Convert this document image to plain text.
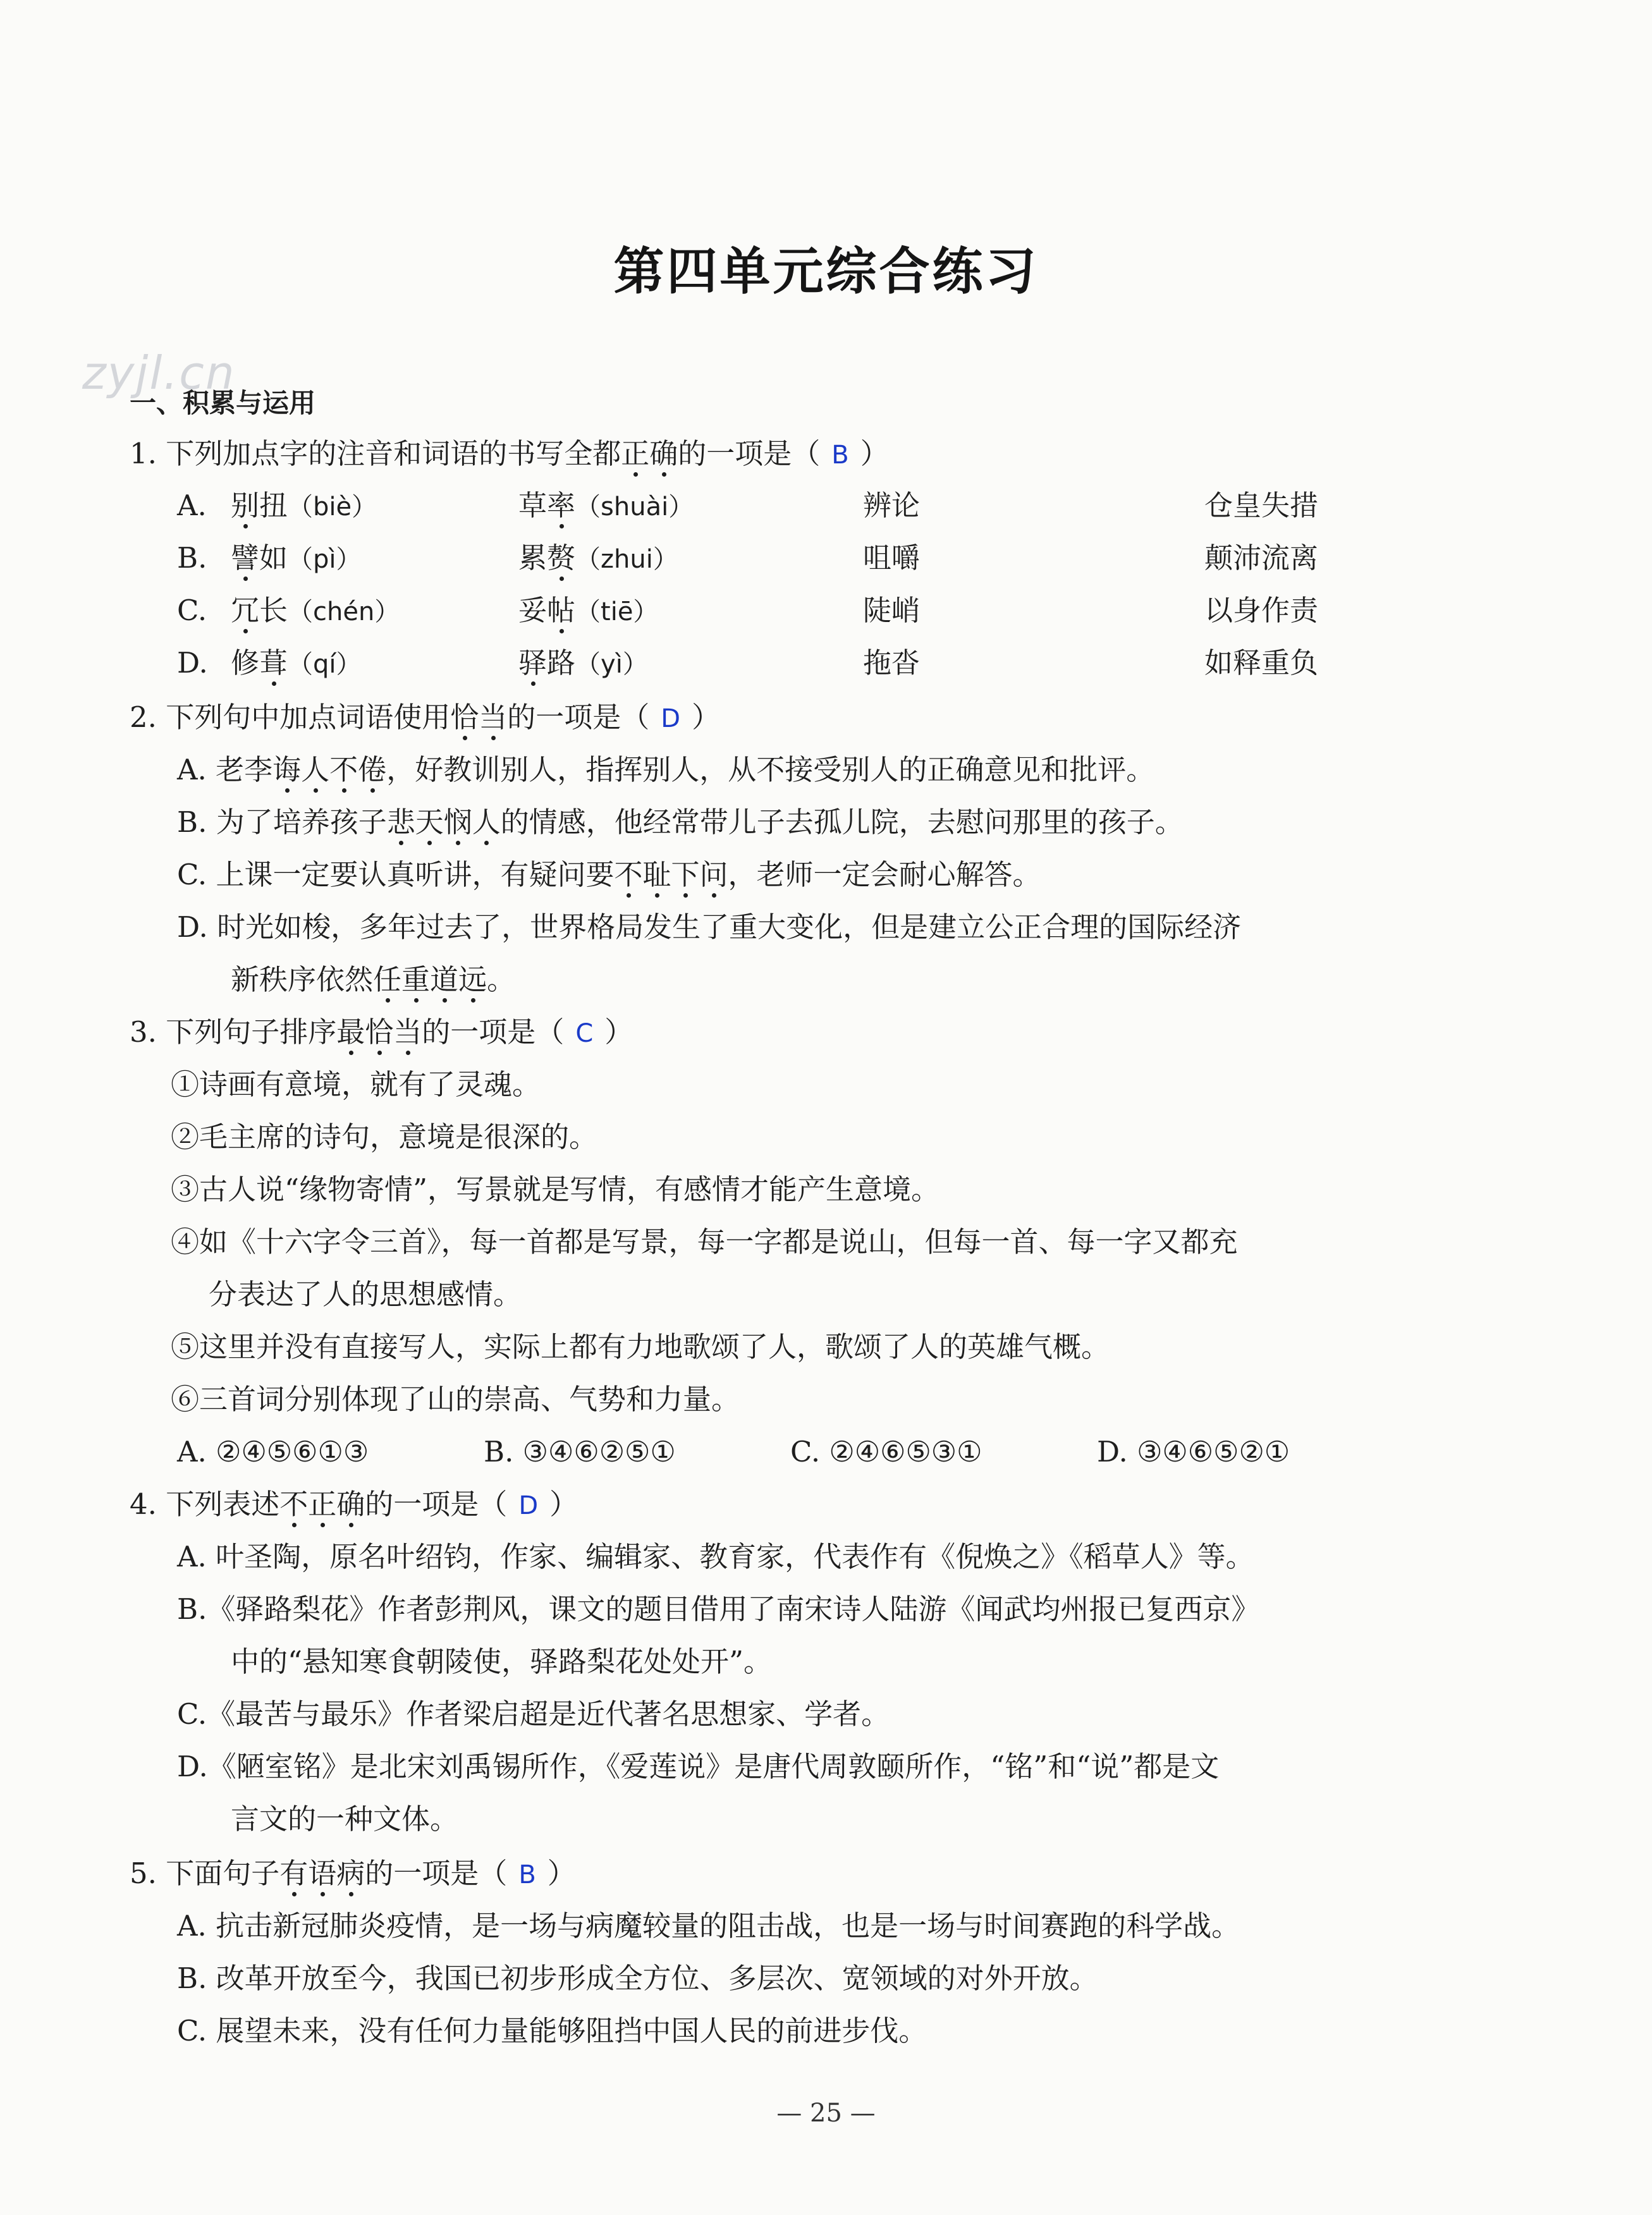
zyjl.cn
第四单元综合练习
一、积累与运用
1. 下列加点字的注音和词语的书写全都正确的一项是（ B ）
A. 别扭（biè）	草率（shuài）	辨论	仓皇失措
B. 譬如（pì）	累赘（zhui）	咀嚼	颠沛流离
C. 冗长（chén）	妥帖（tiē）	陡峭	以身作责
D. 修葺（qí）	驿路（yì）	拖沓	如释重负
2. 下列句中加点词语使用恰当的一项是（ D ）
A. 老李诲人不倦，好教训别人，指挥别人，从不接受别人的正确意见和批评。
B. 为了培养孩子悲天悯人的情感，他经常带儿子去孤儿院，去慰问那里的孩子。
C. 上课一定要认真听讲，有疑问要不耻下问，老师一定会耐心解答。
D. 时光如梭，多年过去了，世界格局发生了重大变化，但是建立公正合理的国际经济
新秩序依然任重道远。
3. 下列句子排序最恰当的一项是（ C ）
①诗画有意境，就有了灵魂。
②毛主席的诗句，意境是很深的。
③古人说“缘物寄情”，写景就是写情，有感情才能产生意境。
④如《十六字令三首》，每一首都是写景，每一字都是说山，但每一首、每一字又都充
分表达了人的思想感情。
⑤这里并没有直接写人，实际上都有力地歌颂了人，歌颂了人的英雄气概。
⑥三首词分别体现了山的崇高、气势和力量。
A. ②④⑤⑥①③	B. ③④⑥②⑤①	C. ②④⑥⑤③①	D. ③④⑥⑤②①
4. 下列表述不正确的一项是（ D ）
A. 叶圣陶，原名叶绍钧，作家、编辑家、教育家，代表作有《倪焕之》《稻草人》等。
B.《驿路梨花》作者彭荆风，课文的题目借用了南宋诗人陆游《闻武均州报已复西京》
中的“悬知寒食朝陵使，驿路梨花处处开”。
C.《最苦与最乐》作者梁启超是近代著名思想家、学者。
D.《陋室铭》是北宋刘禹锡所作，《爱莲说》是唐代周敦颐所作，“铭”和“说”都是文
言文的一种文体。
5. 下面句子有语病的一项是（ B ）
A. 抗击新冠肺炎疫情，是一场与病魔较量的阻击战，也是一场与时间赛跑的科学战。
B. 改革开放至今，我国已初步形成全方位、多层次、宽领域的对外开放。
C. 展望未来，没有任何力量能够阻挡中国人民的前进步伐。
— 25 —
